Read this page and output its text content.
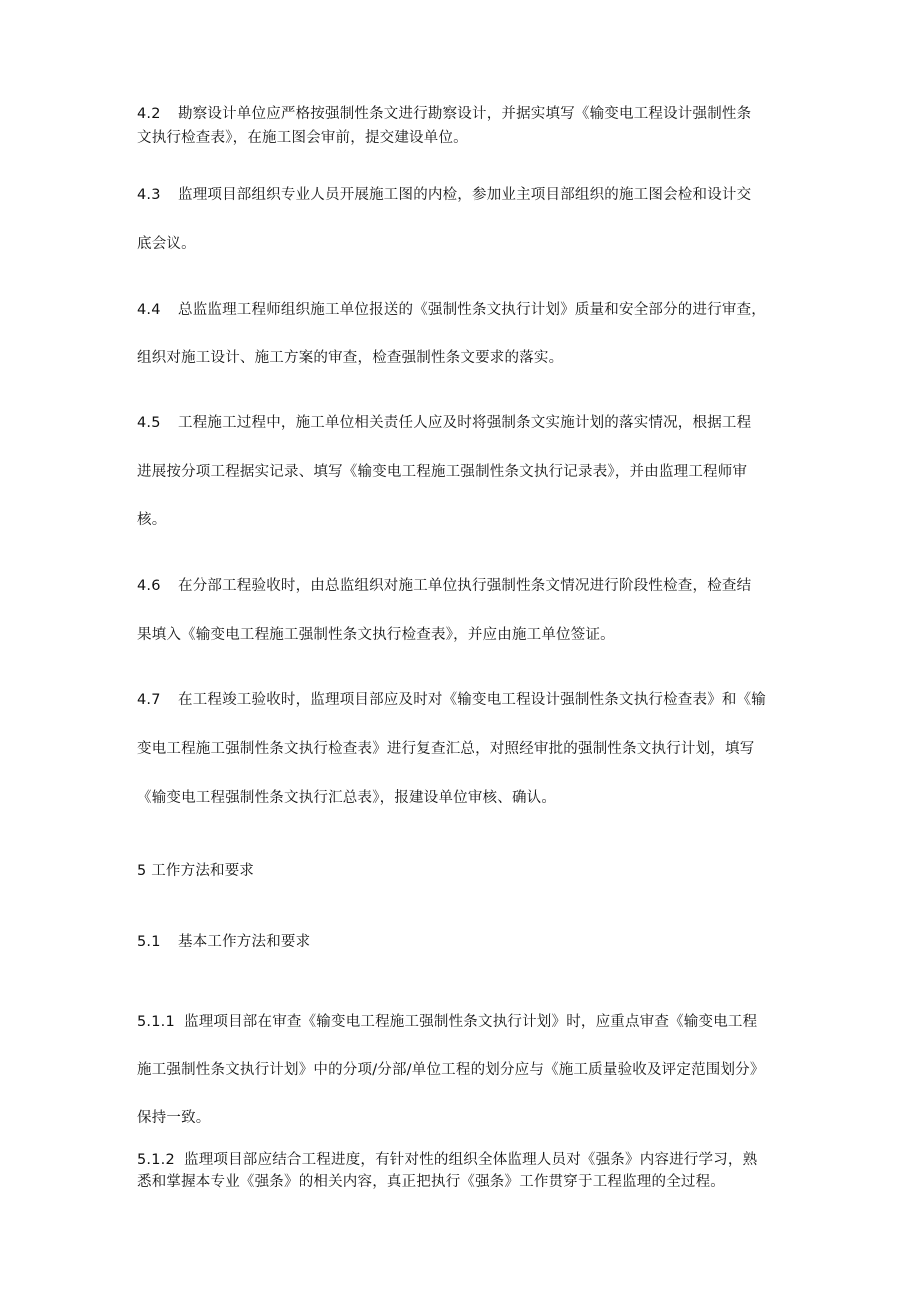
4.2 勘察设计单位应严格按强制性条文进行勘察设计，并据实填写《输变电工程设计强制性条
文执行检查表》，在施工图会审前，提交建设单位。
4.3 监理项目部组织专业人员开展施工图的内检，参加业主项目部组织的施工图会检和设计交
底会议。
4.4 总监监理工程师组织施工单位报送的《强制性条文执行计划》质量和安全部分的进行审查，
组织对施工设计、施工方案的审查，检查强制性条文要求的落实。
4.5 工程施工过程中，施工单位相关责任人应及时将强制条文实施计划的落实情况，根据工程
进展按分项工程据实记录、填写《输变电工程施工强制性条文执行记录表》，并由监理工程师审
核。
4.6 在分部工程验收时，由总监组织对施工单位执行强制性条文情况进行阶段性检查，检查结
果填入《输变电工程施工强制性条文执行检查表》，并应由施工单位签证。
4.7 在工程竣工验收时，监理项目部应及时对《输变电工程设计强制性条文执行检查表》和《输
变电工程施工强制性条文执行检查表》进行复查汇总，对照经审批的强制性条文执行计划，填写
《输变电工程强制性条文执行汇总表》，报建设单位审核、确认。
5 工作方法和要求
5.1 基本工作方法和要求
5.1.1 监理项目部在审查《输变电工程施工强制性条文执行计划》时，应重点审查《输变电工程
施工强制性条文执行计划》中的分项/分部/单位工程的划分应与《施工质量验收及评定范围划分》
保持一致。
5.1.2 监理项目部应结合工程进度，有针对性的组织全体监理人员对《强条》内容进行学习，熟
悉和掌握本专业《强条》的相关内容，真正把执行《强条》工作贯穿于工程监理的全过程。
